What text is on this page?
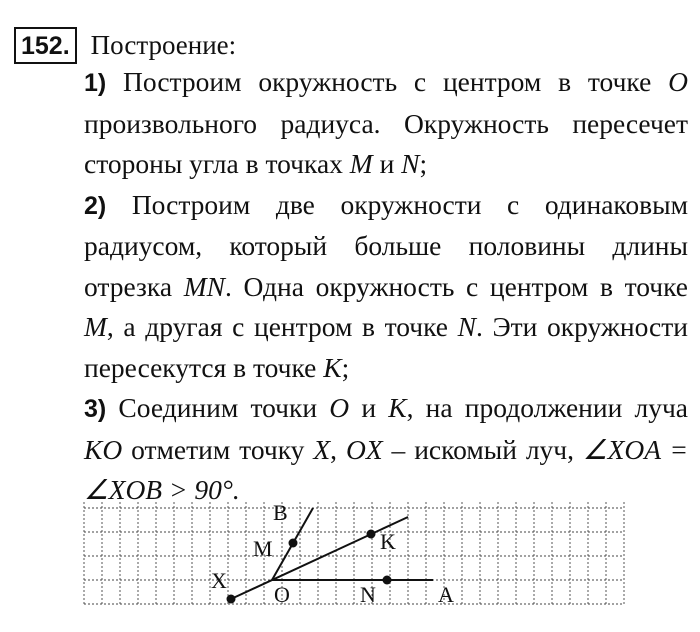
152. Построение:

1) Построим окружность с центром в точке O произвольного радиуса. Окружность пересечет стороны угла в точках M и N;

2) Построим две окружности с одинаковым радиусом, который больше половины длины отрезка MN. Одна окружность с центром в точке M, а другая с центром в точке N. Эти окружности пересекутся в точке K;

3) Соединим точки O и K, на продолжении луча KO отметим точку X, OX – искомый луч, ∠XOA = ∠XOB > 90°.

B
M	K
X
O	N	A
